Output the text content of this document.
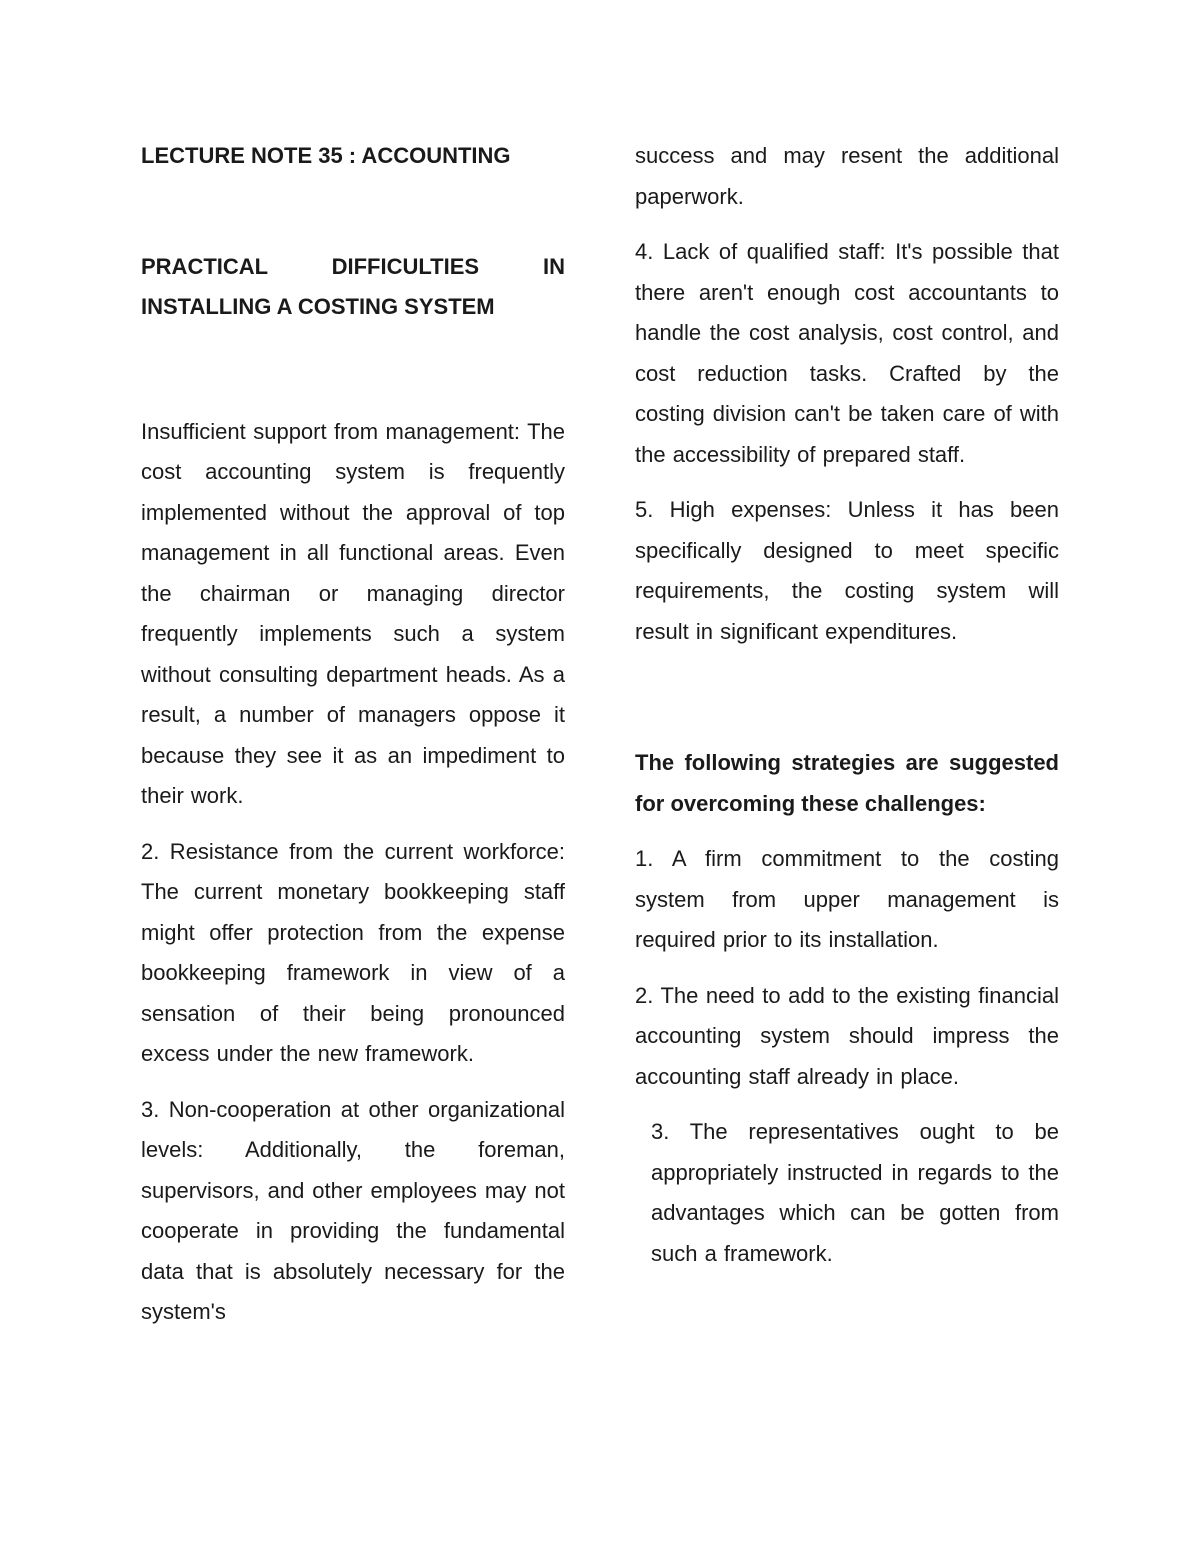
LECTURE NOTE 35 : ACCOUNTING
PRACTICAL DIFFICULTIES IN INSTALLING A COSTING SYSTEM

Insufficient support from management: The cost accounting system is frequently implemented without the approval of top management in all functional areas. Even the chairman or managing director frequently implements such a system without consulting department heads. As a result, a number of managers oppose it because they see it as an impediment to their work.

2. Resistance from the current workforce: The current monetary bookkeeping staff might offer protection from the expense bookkeeping framework in view of a sensation of their being pronounced excess under the new framework.

3. Non-cooperation at other organizational levels: Additionally, the foreman, supervisors, and other employees may not cooperate in providing the fundamental data that is absolutely necessary for the system's

success and may resent the additional paperwork.

4. Lack of qualified staff: It's possible that there aren't enough cost accountants to handle the cost analysis, cost control, and cost reduction tasks. Crafted by the costing division can't be taken care of with the accessibility of prepared staff.

5. High expenses: Unless it has been specifically designed to meet specific requirements, the costing system will result in significant expenditures.

The following strategies are suggested for overcoming these challenges:

1. A firm commitment to the costing system from upper management is required prior to its installation.

2. The need to add to the existing financial accounting system should impress the accounting staff already in place.

3. The representatives ought to be appropriately instructed in regards to the advantages which can be gotten from such a framework.
